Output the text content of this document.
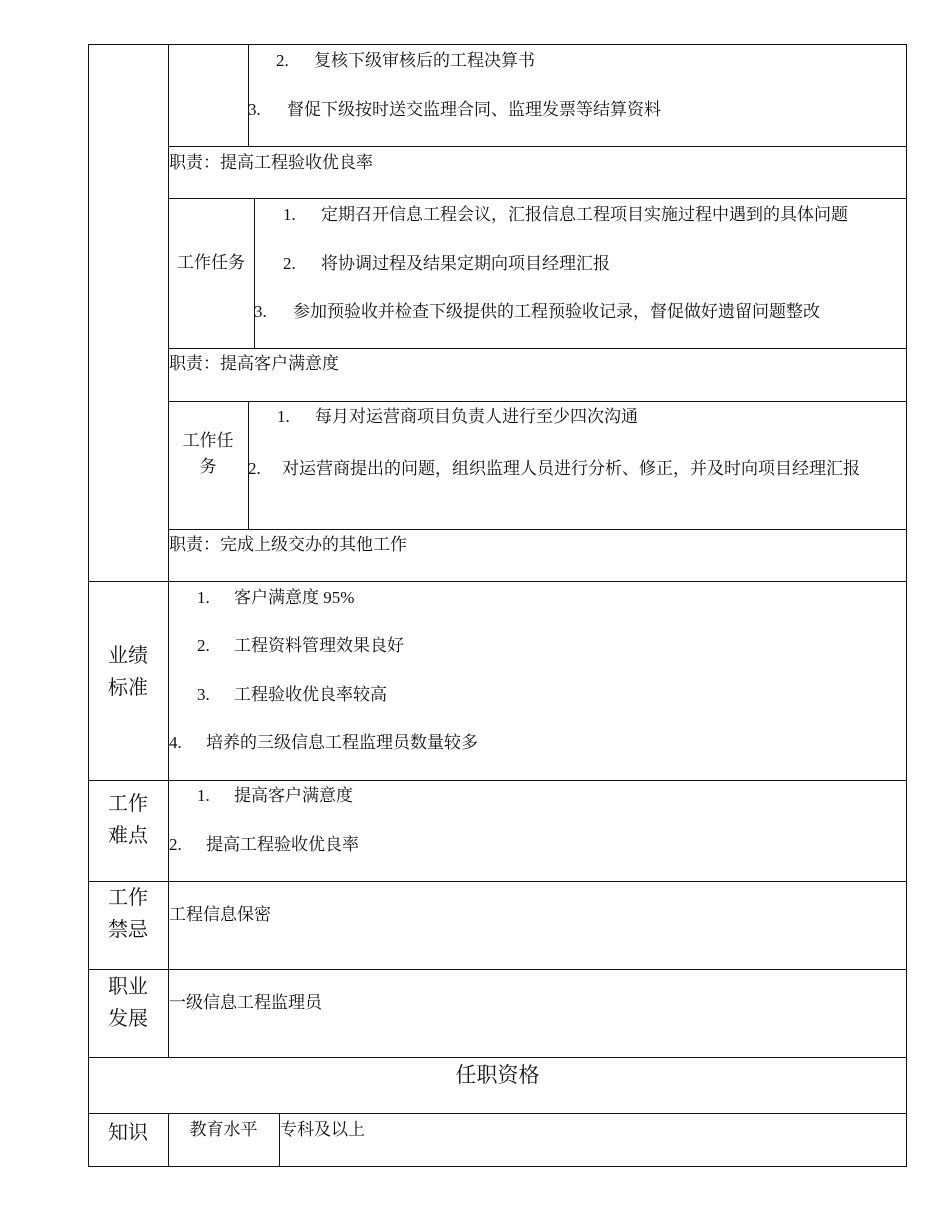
2. 复核下级审核后的工程决算书
3. 督促下级按时送交监理合同、监理发票等结算资料
职责：提高工程验收优良率
工作任务
1. 定期召开信息工程会议，汇报信息工程项目实施过程中遇到的具体问题
2. 将协调过程及结果定期向项目经理汇报
3. 参加预验收并检查下级提供的工程预验收记录，督促做好遗留问题整改
职责：提高客户满意度
工作任
务
1. 每月对运营商项目负责人进行至少四次沟通
2. 对运营商提出的问题，组织监理人员进行分析、修正，并及时向项目经理汇报
职责：完成上级交办的其他工作
业绩
标准
1. 客户满意度 95%
2. 工程资料管理效果良好
3. 工程验收优良率较高
4. 培养的三级信息工程监理员数量较多
工作
难点
1. 提高客户满意度
2. 提高工程验收优良率
工作
禁忌
工程信息保密
职业
发展
一级信息工程监理员
任职资格
知识	教育水平	专科及以上
